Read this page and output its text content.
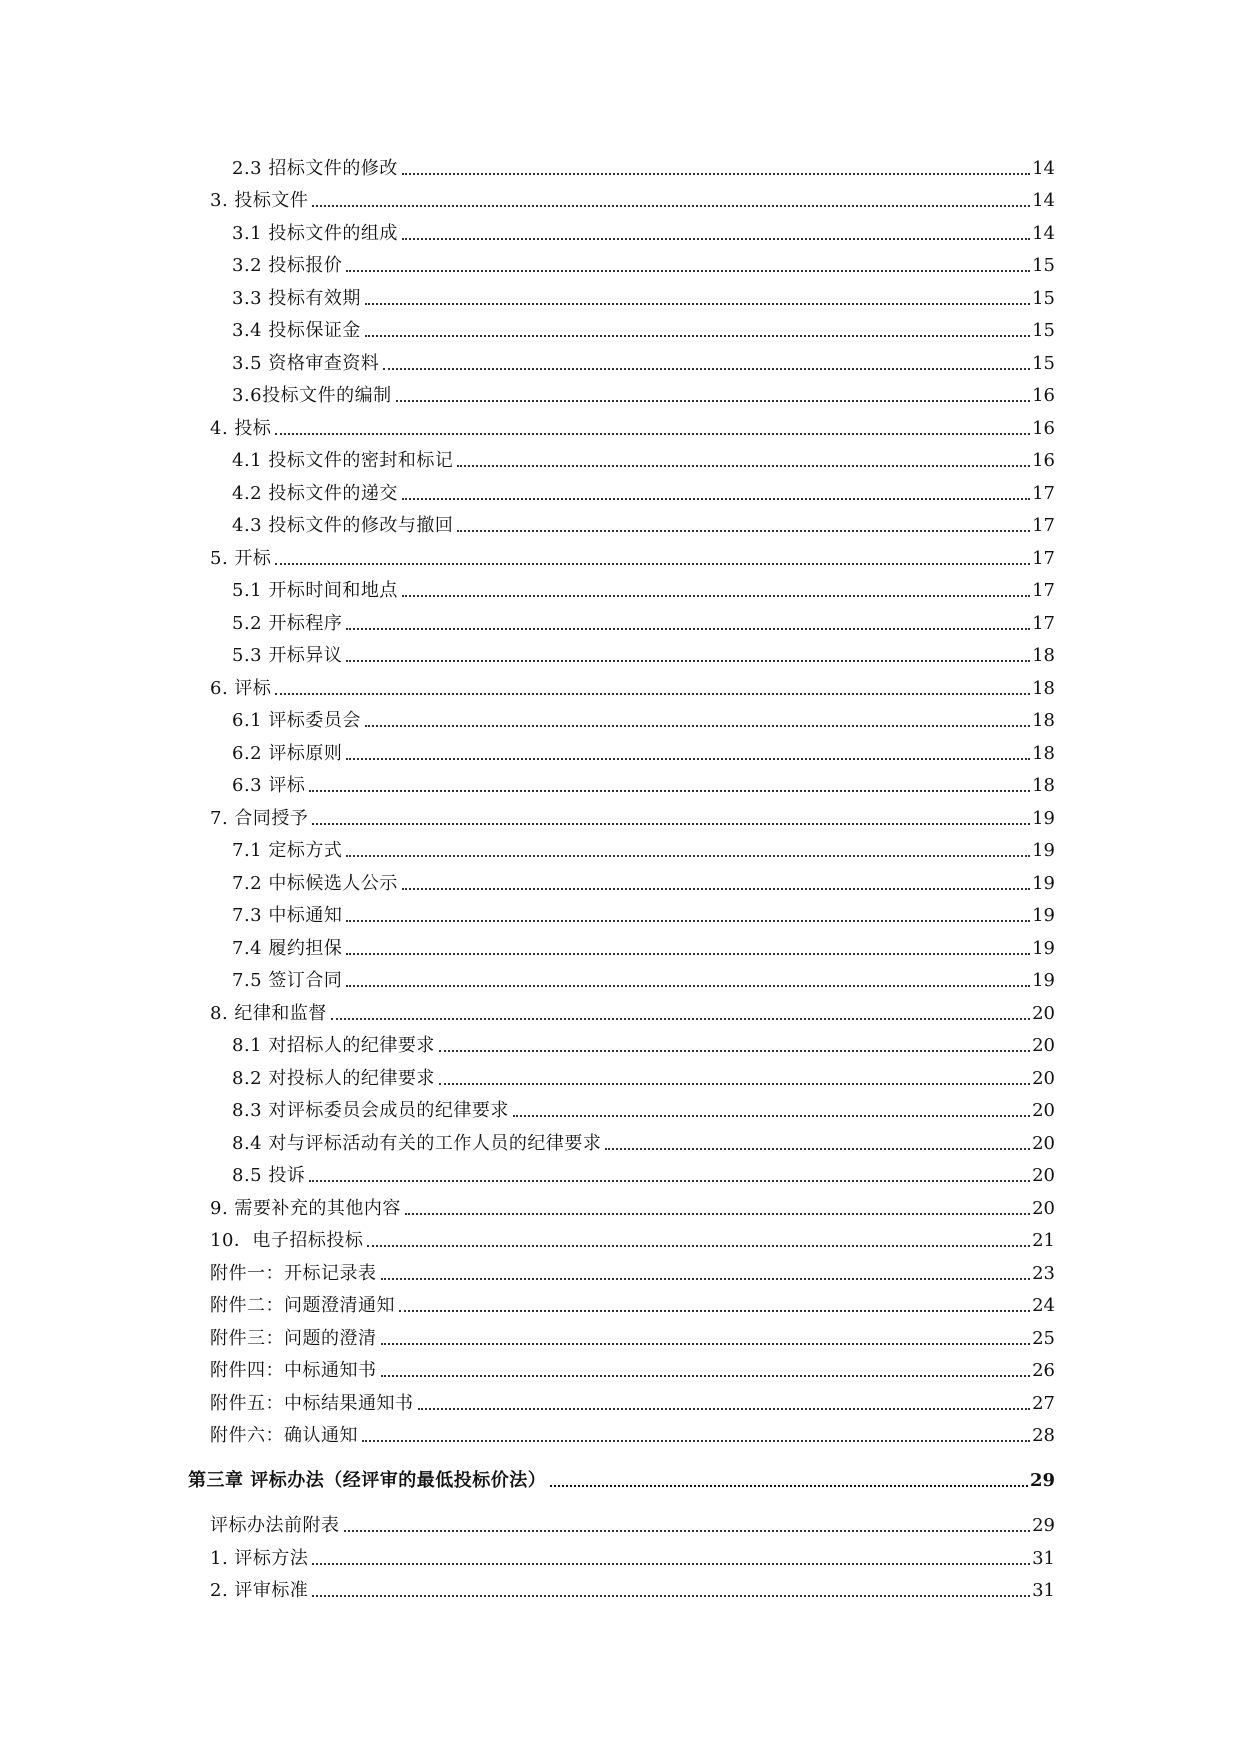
2.3 招标文件的修改	14
3. 投标文件	14
3.1 投标文件的组成	14
3.2 投标报价	15
3.3 投标有效期	15
3.4 投标保证金	15
3.5 资格审查资料	15
3.6投标文件的编制	16
4. 投标	16
4.1 投标文件的密封和标记	16
4.2 投标文件的递交	17
4.3 投标文件的修改与撤回	17
5. 开标	17
5.1 开标时间和地点	17
5.2 开标程序	17
5.3 开标异议	18
6. 评标	18
6.1 评标委员会	18
6.2 评标原则	18
6.3 评标	18
7. 合同授予	19
7.1 定标方式	19
7.2 中标候选人公示	19
7.3 中标通知	19
7.4 履约担保	19
7.5 签订合同	19
8. 纪律和监督	20
8.1 对招标人的纪律要求	20
8.2 对投标人的纪律要求	20
8.3 对评标委员会成员的纪律要求	20
8.4 对与评标活动有关的工作人员的纪律要求	20
8.5 投诉	20
9. 需要补充的其他内容	20
10．电子招标投标	21
附件一：开标记录表	23
附件二：问题澄清通知	24
附件三：问题的澄清	25
附件四：中标通知书	26
附件五：中标结果通知书	27
附件六：确认通知	28
第三章 评标办法（经评审的最低投标价法）	29
评标办法前附表	29
1. 评标方法	31
2. 评审标准	31
